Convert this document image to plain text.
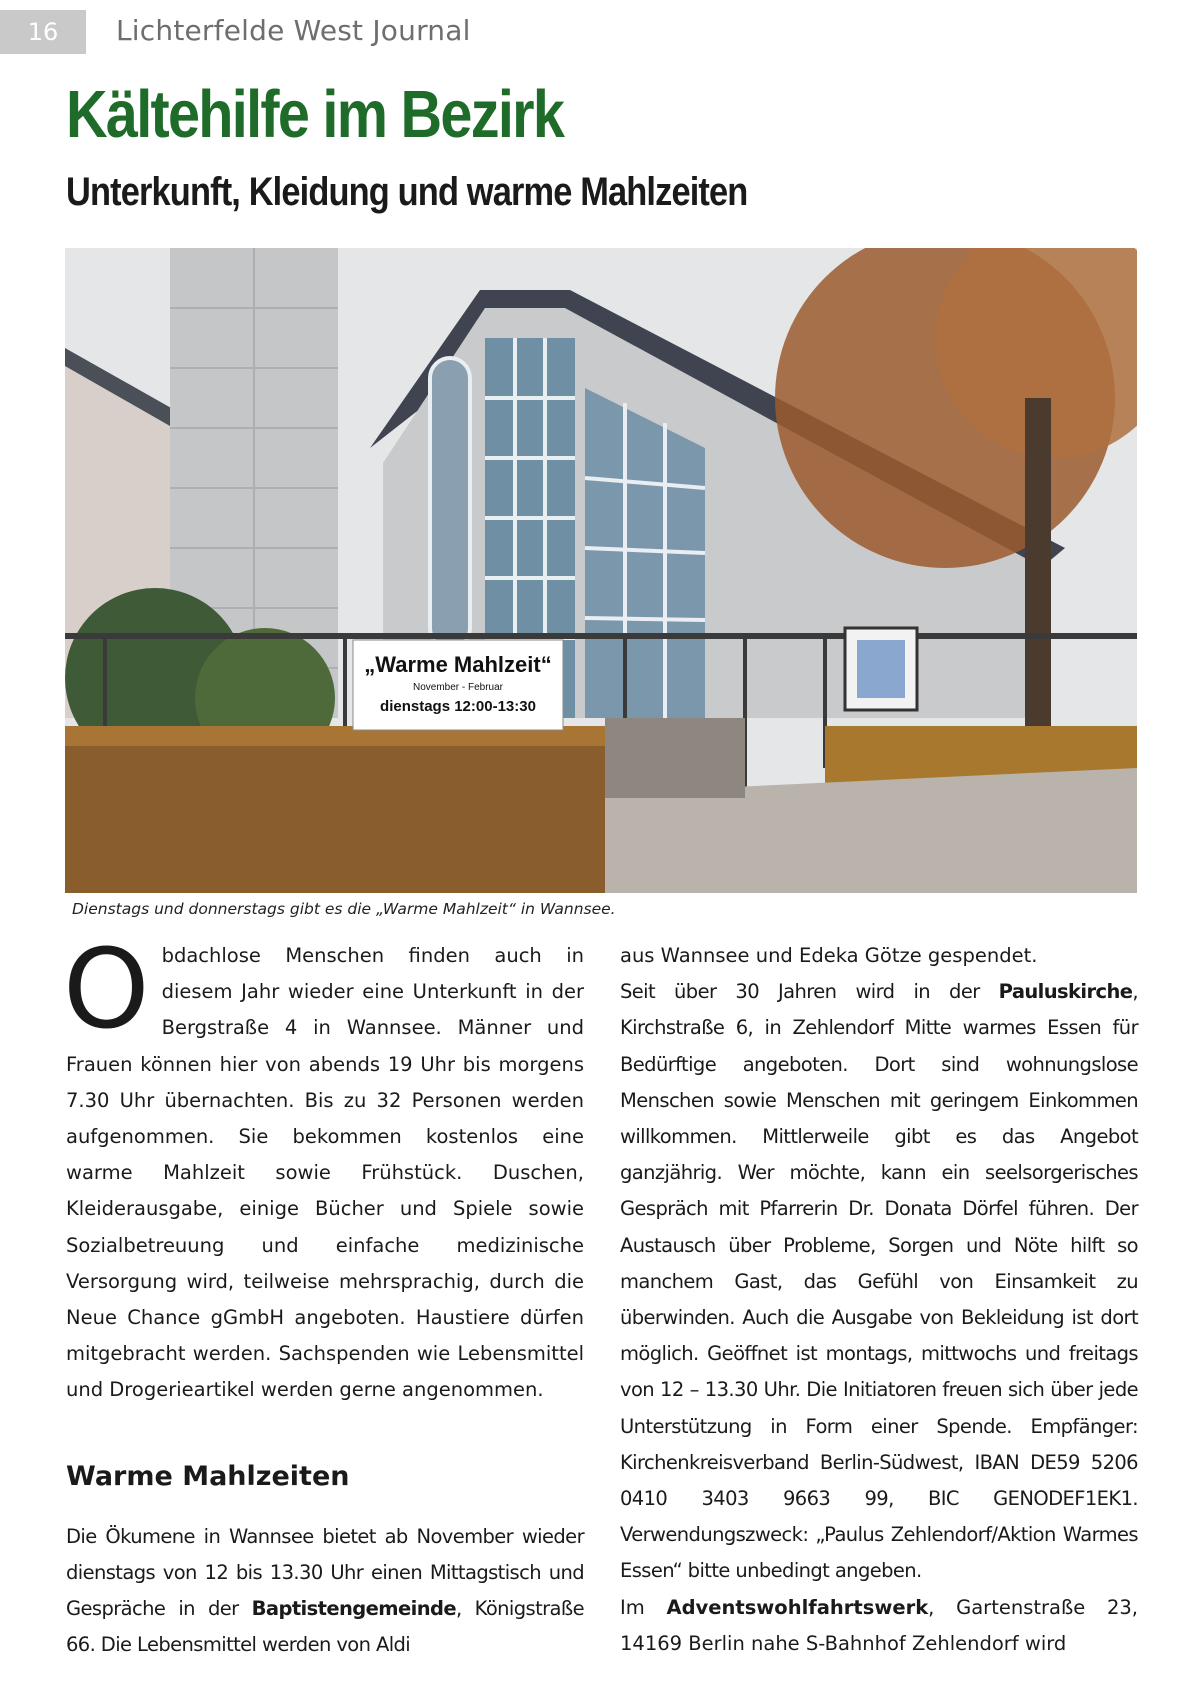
16	Lichterfelde West Journal
Kältehilfe im Bezirk
Unterkunft, Kleidung und warme Mahlzeiten
„Warme Mahlzeit“
November - Februar
dienstags 12:00-13:30
Dienstags und donnerstags gibt es die „Warme Mahlzeit“ in Wannsee.

Obdachlose Menschen finden auch in diesem Jahr wieder eine Unterkunft in der Bergstraße 4 in Wannsee. Männer und Frauen können hier von abends 19 Uhr bis morgens 7.30 Uhr übernachten. Bis zu 32 Personen werden aufgenommen. Sie bekommen kostenlos eine warme Mahlzeit sowie Frühstück. Duschen, Kleiderausgabe, einige Bücher und Spiele sowie Sozialbetreuung und einfache medizinische Versorgung wird, teilweise mehrsprachig, durch die Neue Chance gGmbH angeboten. Haustiere dürfen mitgebracht werden. Sachspenden wie Lebensmittel und Drogerieartikel werden gerne angenommen.

Warme Mahlzeiten

Die Ökumene in Wannsee bietet ab November wieder dienstags von 12 bis 13.30 Uhr einen Mittagstisch und Gespräche in der Baptistengemeinde, Königstraße 66. Die Lebensmittel werden von Aldi

aus Wannsee und Edeka Götze gespendet.

Seit über 30 Jahren wird in der Pauluskirche, Kirchstraße 6, in Zehlendorf Mitte warmes Essen für Bedürftige angeboten. Dort sind wohnungslose Menschen sowie Menschen mit geringem Einkommen willkommen. Mittlerweile gibt es das Angebot ganzjährig. Wer möchte, kann ein seelsorgerisches Gespräch mit Pfarrerin Dr. Donata Dörfel führen. Der Austausch über Probleme, Sorgen und Nöte hilft so manchem Gast, das Gefühl von Einsamkeit zu überwinden. Auch die Ausgabe von Bekleidung ist dort möglich. Geöffnet ist montags, mittwochs und freitags von 12 – 13.30 Uhr. Die Initiatoren freuen sich über jede Unterstützung in Form einer Spende. Empfänger: Kirchenkreisverband Berlin-Südwest, IBAN DE59 5206 0410 3403 9663 99, BIC GENODEF1EK1. Verwendungszweck: „Paulus Zehlendorf/Aktion Warmes Essen“ bitte unbedingt angeben.

Im Adventswohlfahrtswerk, Gartenstraße 23, 14169 Berlin nahe S-Bahnhof Zehlendorf wird
